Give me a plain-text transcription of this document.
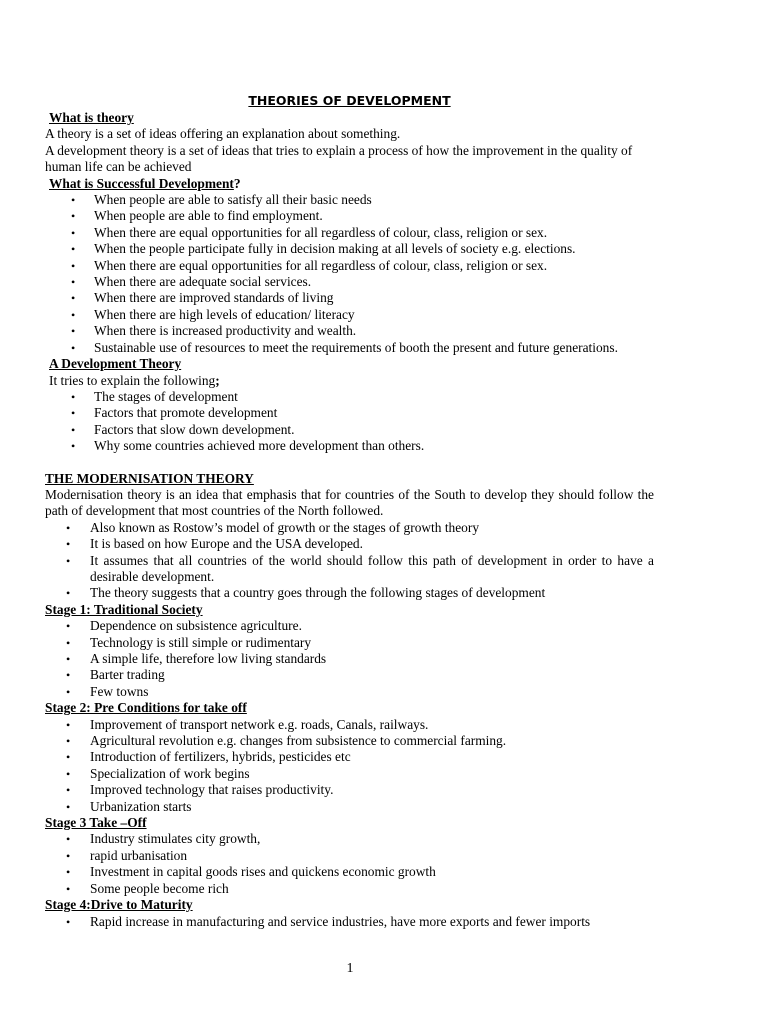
THEORIES OF DEVELOPMENT

What is theory

A theory is a set of ideas offering an explanation about something.

A development theory is a set of ideas that tries to explain a process of how the improvement in the quality of human life can be achieved

What is Successful Development?

• When people are able to satisfy all their basic needs
• When people are able to find employment.
• When there are equal opportunities for all regardless of colour, class, religion or sex.
• When the people participate fully in decision making at all levels of society e.g. elections.
• When there are equal opportunities for all regardless of colour, class, religion or sex.
• When there are adequate social services.
• When there are improved standards of living
• When there are high levels of education/ literacy
• When there is increased productivity and wealth.
• Sustainable use of resources to meet the requirements of booth the present and future generations.

A Development Theory

It tries to explain the following;

• The stages of development
• Factors that promote development
• Factors that slow down development.
• Why some countries achieved more development than others.

THE MODERNISATION THEORY

Modernisation theory is an idea that emphasis that for countries of the South to develop they should follow the path of development that most countries of the North followed.

• Also known as Rostow’s model of growth or the stages of growth theory
• It is based on how Europe and the USA developed.
• It assumes that all countries of the world should follow this path of development in order to have a desirable development.
• The theory suggests that a country goes through the following stages of development

Stage 1: Traditional Society

• Dependence on subsistence agriculture.
• Technology is still simple or rudimentary
• A simple life, therefore low living standards
• Barter trading
• Few towns

Stage 2: Pre Conditions for take off

• Improvement of transport network e.g. roads, Canals, railways.
• Agricultural revolution e.g. changes from subsistence to commercial farming.
• Introduction of fertilizers, hybrids, pesticides etc
• Specialization of work begins
• Improved technology that raises productivity.
• Urbanization starts

Stage 3 Take –Off

• Industry stimulates city growth,
• rapid urbanisation
• Investment in capital goods rises and quickens economic growth
• Some people become rich

Stage 4:Drive to Maturity

• Rapid increase in manufacturing and service industries, have more exports and fewer imports
1
